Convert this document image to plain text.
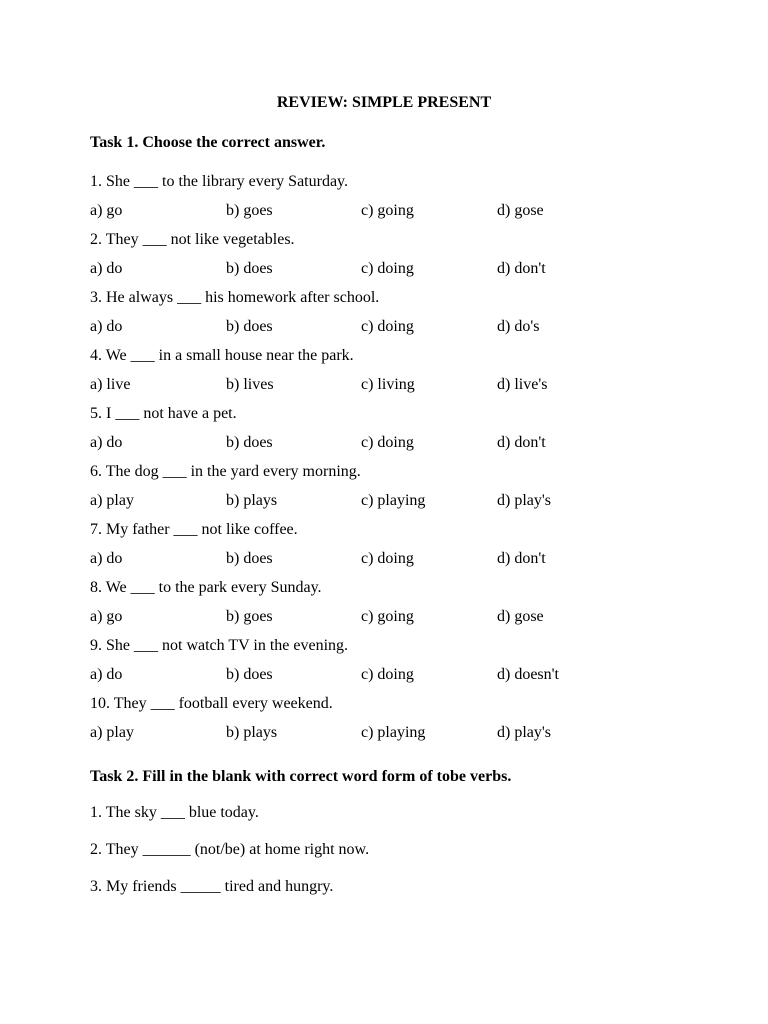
REVIEW: SIMPLE PRESENT
Task 1. Choose the correct answer.
1. She ___ to the library every Saturday.
a) go	b) goes	c) going	d) gose
2. They ___ not like vegetables.
a) do	b) does	c) doing	d) don't
3. He always ___ his homework after school.
a) do	b) does	c) doing	d) do's
4. We ___ in a small house near the park.
a) live	b) lives	c) living	d) live's
5. I ___ not have a pet.
a) do	b) does	c) doing	d) don't
6. The dog ___ in the yard every morning.
a) play	b) plays	c) playing	d) play's
7. My father ___ not like coffee.
a) do	b) does	c) doing	d) don't
8. We ___ to the park every Sunday.
a) go	b) goes	c) going	d) gose
9. She ___ not watch TV in the evening.
a) do	b) does	c) doing	d) doesn't
10. They ___ football every weekend.
a) play	b) plays	c) playing	d) play's
Task 2. Fill in the blank with correct word form of tobe verbs.
1. The sky ___ blue today.
2. They ______ (not/be) at home right now.
3. My friends _____ tired and hungry.
